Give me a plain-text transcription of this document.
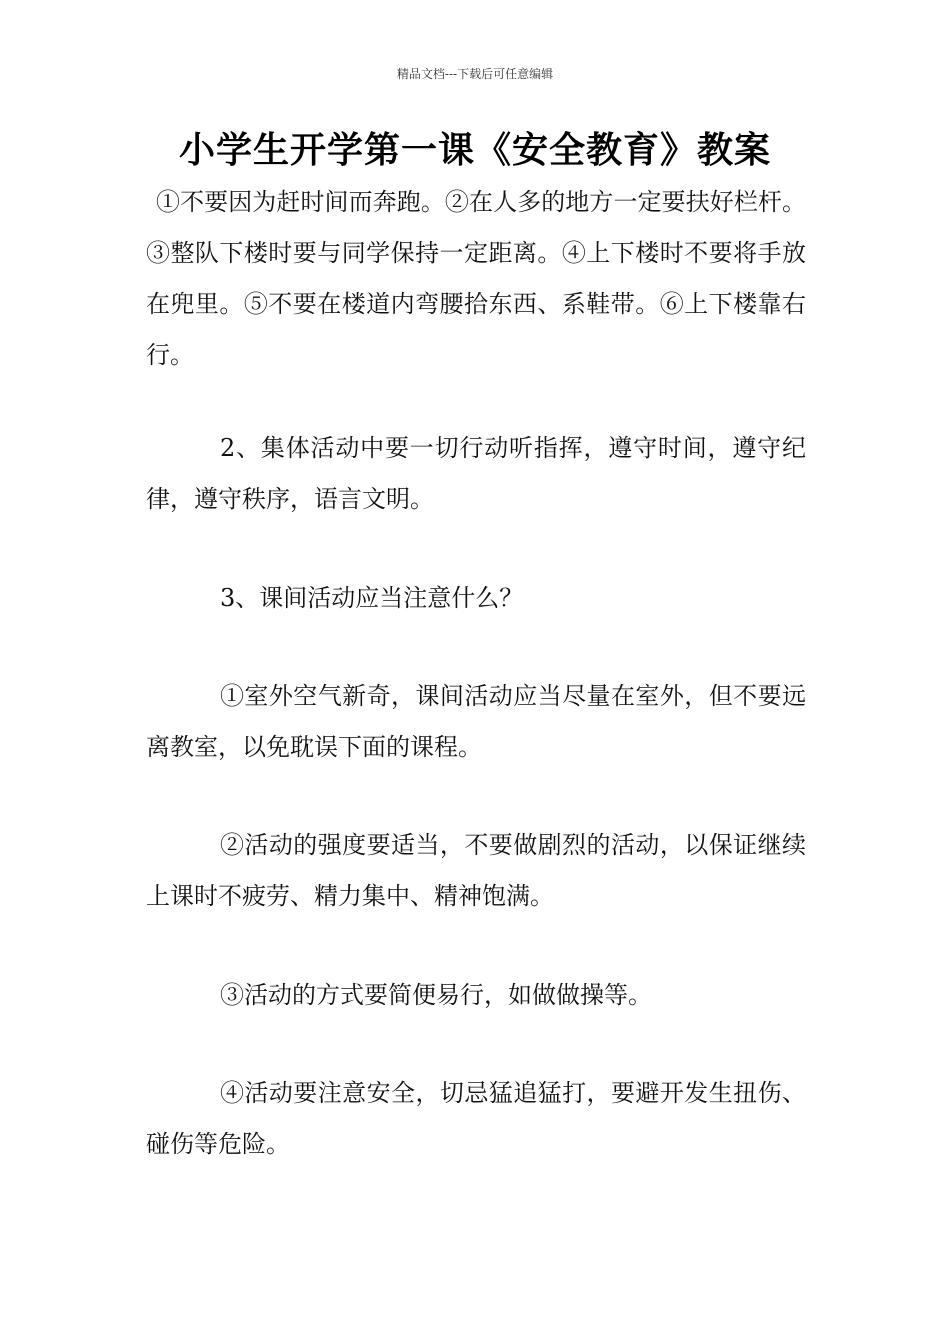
精品文档---下载后可任意编辑
小学生开学第一课《安全教育》教案

①不要因为赶时间而奔跑。②在人多的地方一定要扶好栏杆。③整队下楼时要与同学保持一定距离。④上下楼时不要将手放在兜里。⑤不要在楼道内弯腰拾东西、系鞋带。⑥上下楼靠右行。

2、集体活动中要一切行动听指挥，遵守时间，遵守纪律，遵守秩序，语言文明。

3、课间活动应当注意什么？

①室外空气新奇，课间活动应当尽量在室外，但不要远离教室，以免耽误下面的课程。

②活动的强度要适当，不要做剧烈的活动，以保证继续上课时不疲劳、精力集中、精神饱满。

③活动的方式要简便易行，如做做操等。

④活动要注意安全，切忌猛追猛打，要避开发生扭伤、碰伤等危险。
